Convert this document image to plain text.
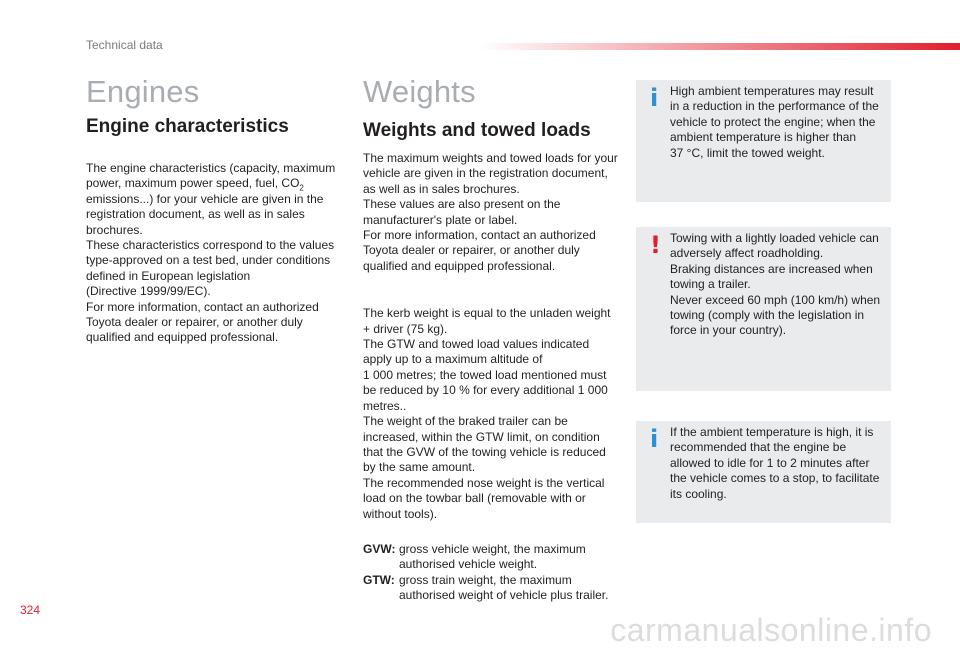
Technical data
Engines
Engine characteristics

The engine characteristics (capacity, maximum power, maximum power speed, fuel, $CO_2$ emissions...) for your vehicle are given in the registration document, as well as in sales brochures.
These characteristics correspond to the values type-approved on a test bed, under conditions defined in European legislation
(Directive 1999/99/EC).
For more information, contact an authorized Toyota dealer or repairer, or another duly qualified and equipped professional.

Weights
Weights and towed loads

The maximum weights and towed loads for your vehicle are given in the registration document, as well as in sales brochures.
These values are also present on the manufacturer's plate or label.
For more information, contact an authorized Toyota dealer or repairer, or another duly qualified and equipped professional.

The kerb weight is equal to the unladen weight + driver (75 kg).
The GTW and towed load values indicated apply up to a maximum altitude of
1 000 metres; the towed load mentioned must be reduced by 10 % for every additional 1 000 metres..
The weight of the braked trailer can be increased, within the GTW limit, on condition that the GVW of the towing vehicle is reduced by the same amount.
The recommended nose weight is the vertical load on the towbar ball (removable with or without tools).

GVW: gross vehicle weight, the maximum
authorised vehicle weight.
GTW: gross train weight, the maximum
authorised weight of vehicle plus trailer.
i High ambient temperatures may result in a reduction in the performance of the vehicle to protect the engine; when the ambient temperature is higher than
37 °C, limit the towed weight.
! Towing with a lightly loaded vehicle can adversely affect roadholding.
Braking distances are increased when towing a trailer.
Never exceed 60 mph (100 km/h) when towing (comply with the legislation in force in your country).
i If the ambient temperature is high, it is recommended that the engine be allowed to idle for 1 to 2 minutes after the vehicle comes to a stop, to facilitate its cooling.
324
carmanualsonline.info
